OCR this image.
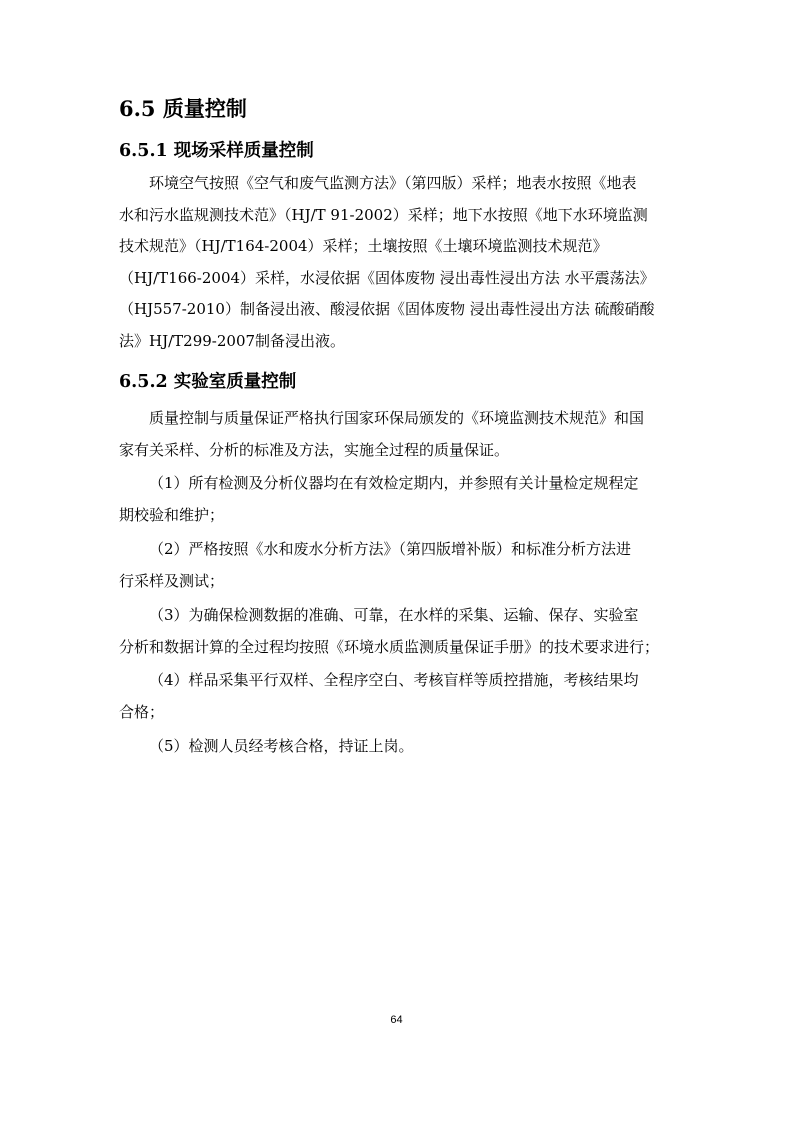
6.5 质量控制
6.5.1 现场采样质量控制
环境空气按照《空气和废气监测方法》（第四版）采样；地表水按照《地表
水和污水监规测技术范》（HJ/T 91-2002）采样；地下水按照《地下水环境监测
技术规范》（HJ/T164-2004）采样；土壤按照《土壤环境监测技术规范》
（HJ/T166-2004）采样，水浸依据《固体废物 浸出毒性浸出方法 水平震荡法》
（HJ557-2010）制备浸出液、酸浸依据《固体废物 浸出毒性浸出方法 硫酸硝酸
法》HJ/T299-2007制备浸出液。
6.5.2 实验室质量控制
质量控制与质量保证严格执行国家环保局颁发的《环境监测技术规范》和国
家有关采样、分析的标准及方法，实施全过程的质量保证。
（1）所有检测及分析仪器均在有效检定期内，并参照有关计量检定规程定
期校验和维护；
（2）严格按照《水和废水分析方法》（第四版增补版）和标准分析方法进
行采样及测试；
（3）为确保检测数据的准确、可靠，在水样的采集、运输、保存、实验室
分析和数据计算的全过程均按照《环境水质监测质量保证手册》的技术要求进行；
（4）样品采集平行双样、全程序空白、考核盲样等质控措施，考核结果均
合格；
（5）检测人员经考核合格，持证上岗。
64
